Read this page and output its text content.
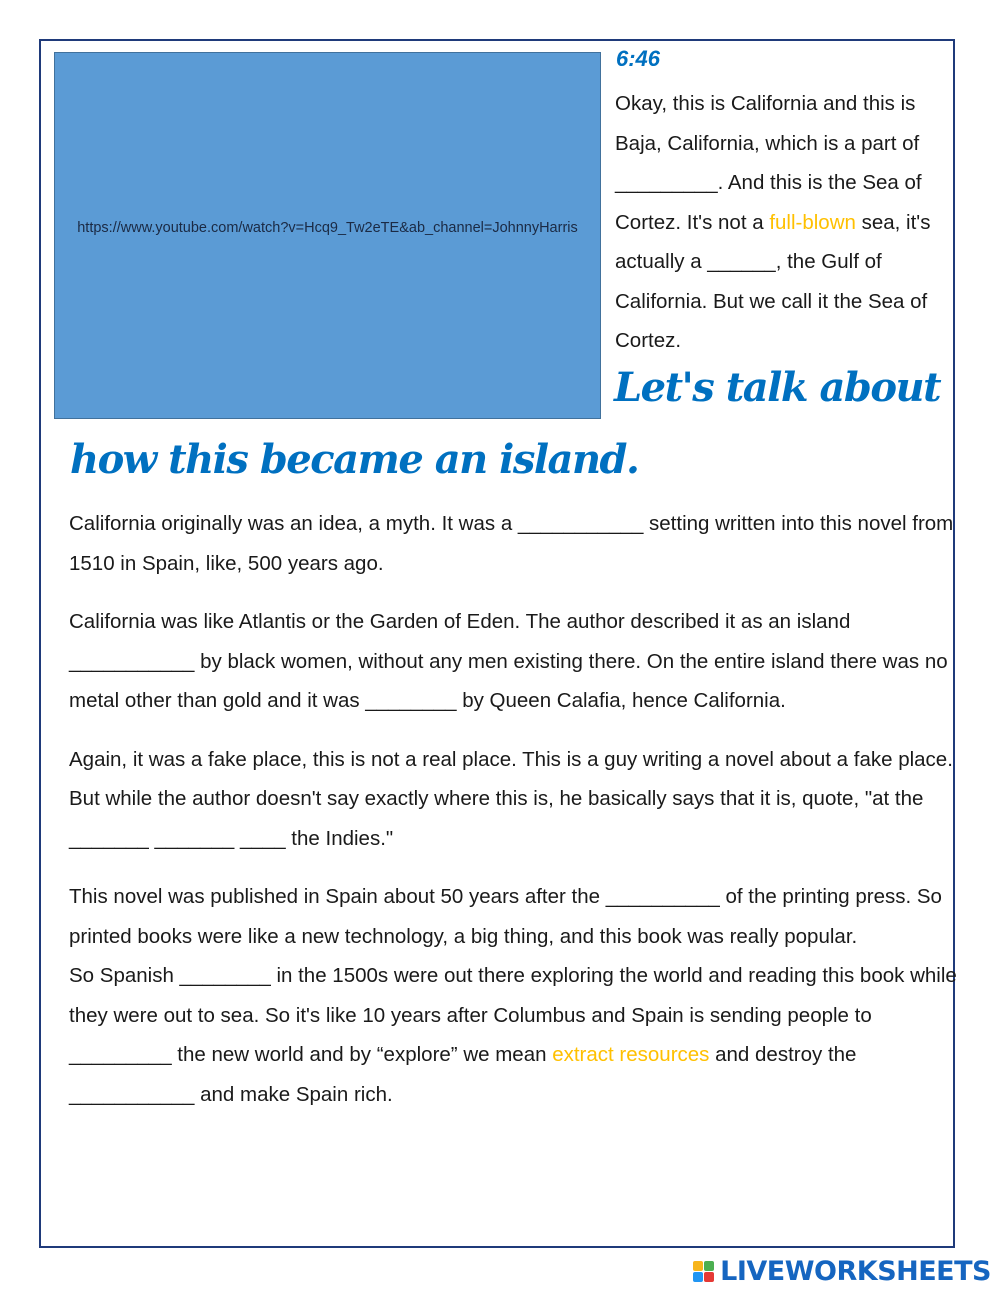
https://www.youtube.com/watch?v=Hcq9_Tw2eTE&ab_channel=JohnnyHarris
6:46
Okay, this is California and this is Baja, California, which is a part of _________. And this is the Sea of Cortez. It's not a full-blown sea, it's actually a ______, the Gulf of California. But we call it the Sea of Cortez.
Let's talk about
how this became an island.

California originally was an idea, a myth. It was a ___________ setting written into this novel from 1510 in Spain, like, 500 years ago.

California was like Atlantis or the Garden of Eden. The author described it as an island ___________ by black women, without any men existing there. On the entire island there was no metal other than gold and it was ________ by Queen Calafia, hence California.

Again, it was a fake place, this is not a real place. This is a guy writing a novel about a fake place. But while the author doesn't say exactly where this is, he basically says that it is, quote, "at the _______ _______ ____ the Indies."

This novel was published in Spain about 50 years after the __________ of the printing press. So printed books were like a new technology, a big thing, and this book was really popular.

So Spanish ________ in the 1500s were out there exploring the world and reading this book while they were out to sea. So it's like 10 years after Columbus and Spain is sending people to _________ the new world and by “explore” we mean extract resources and destroy the ___________ and make Spain rich.

LIVEWORKSHEETS
